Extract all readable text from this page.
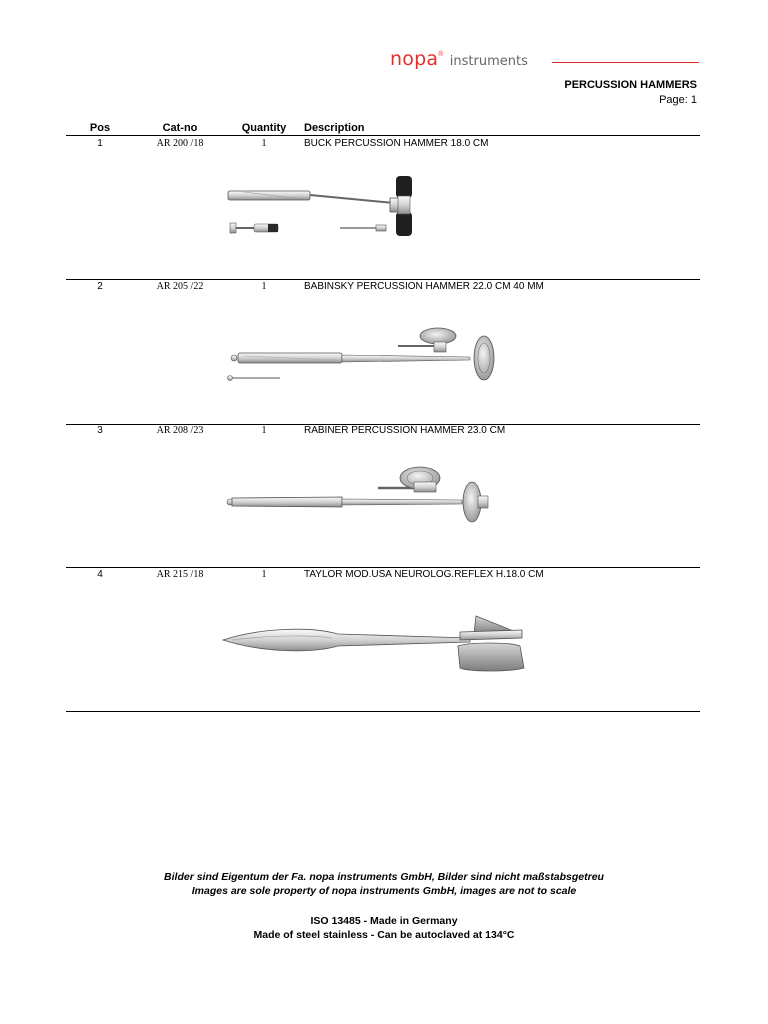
nopa® instruments
PERCUSSION HAMMERS
Page: 1
Pos	Cat-no	Quantity	Description
1	AR 200 /18	1	BUCK PERCUSSION HAMMER 18.0 CM
2	AR 205 /22	1	BABINSKY PERCUSSION HAMMER 22.0 CM 40 MM
3	AR 208 /23	1	RABINER PERCUSSION HAMMER 23.0 CM
4	AR 215 /18	1	TAYLOR MOD.USA NEUROLOG.REFLEX H.18.0 CM
Bilder sind Eigentum der Fa. nopa instruments GmbH, Bilder sind nicht maßstabsgetreu
Images are sole property of nopa instruments GmbH, images are not to scale
ISO 13485 - Made in Germany
Made of steel stainless - Can be autoclaved at 134°C
